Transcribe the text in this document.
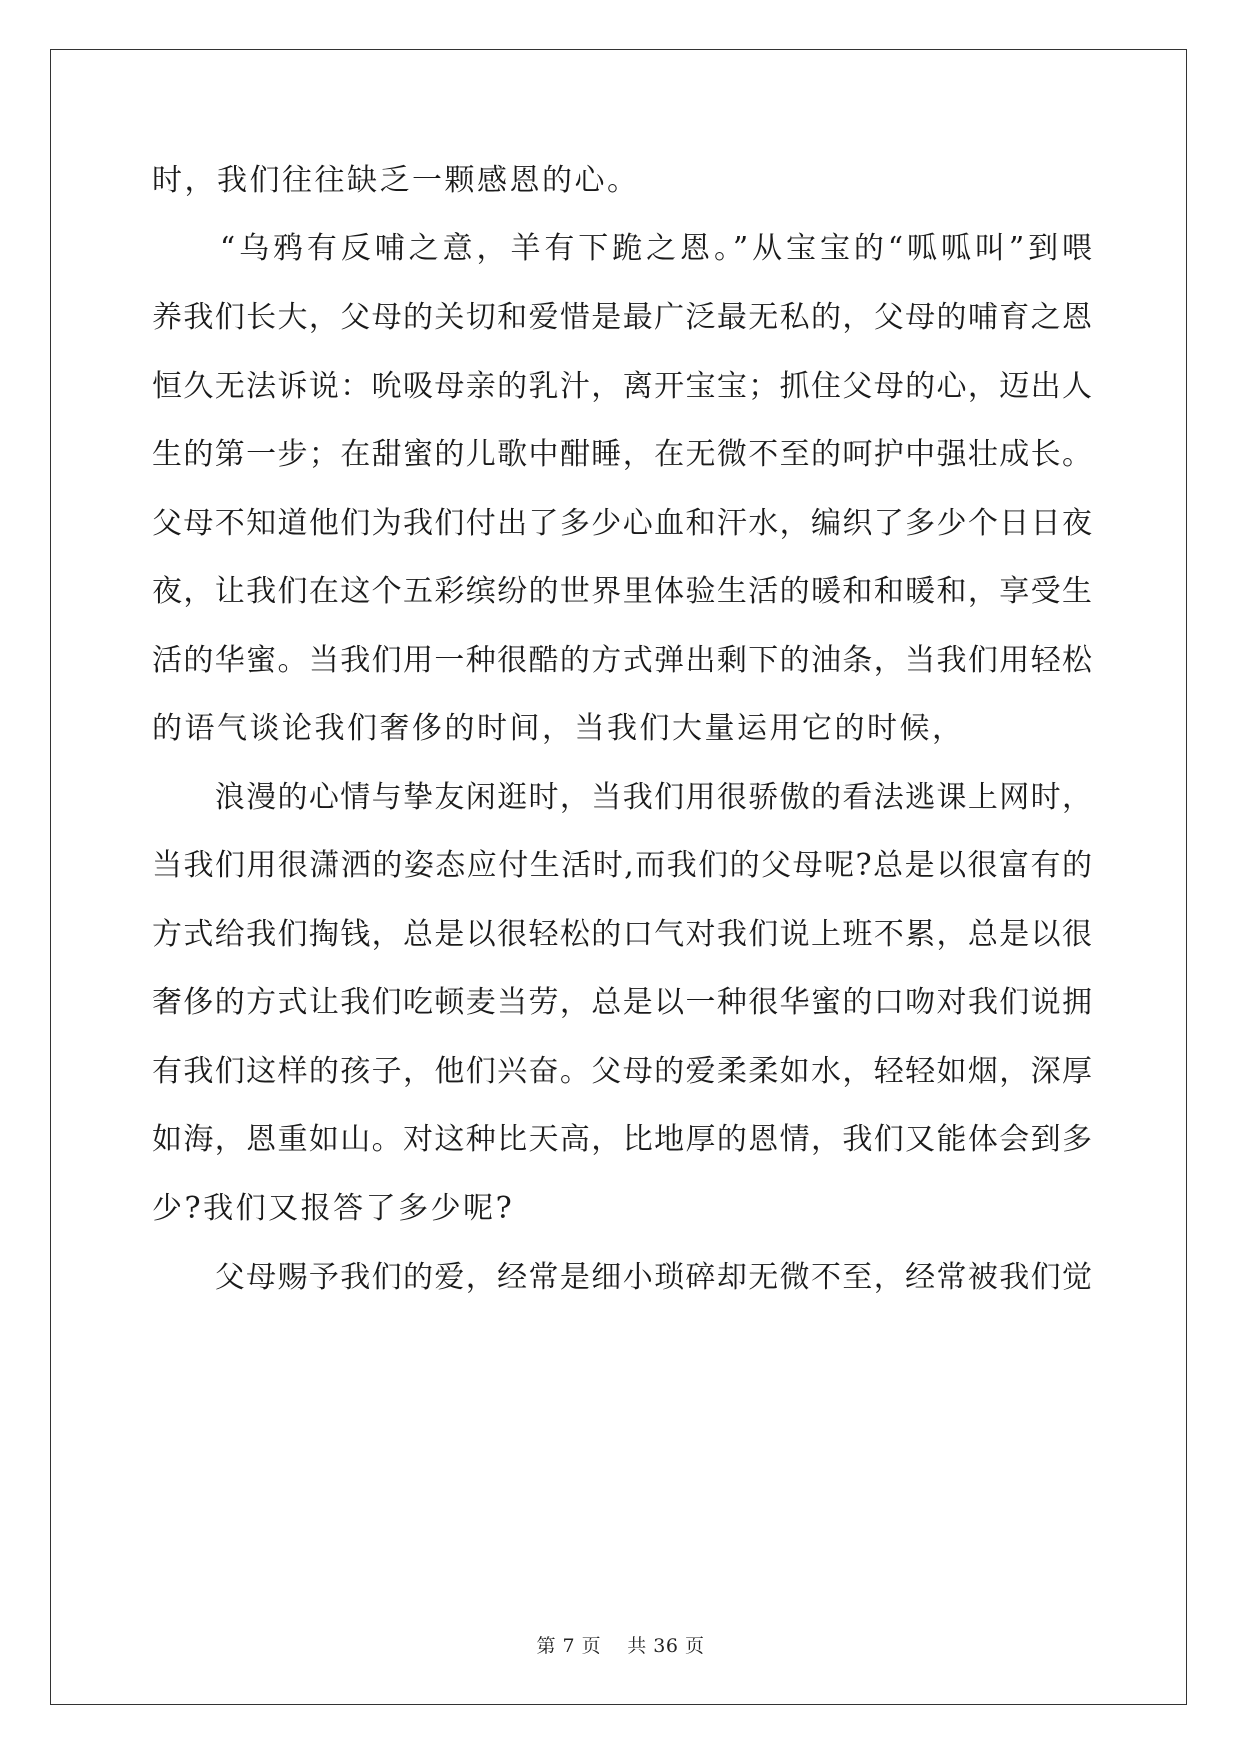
时，我们往往缺乏一颗感恩的心。
　　“乌鸦有反哺之意，羊有下跪之恩。”从宝宝的“呱呱叫”到喂
养我们长大，父母的关切和爱惜是最广泛最无私的，父母的哺育之恩
恒久无法诉说：吮吸母亲的乳汁，离开宝宝；抓住父母的心，迈出人
生的第一步；在甜蜜的儿歌中酣睡，在无微不至的呵护中强壮成长。
父母不知道他们为我们付出了多少心血和汗水，编织了多少个日日夜
夜，让我们在这个五彩缤纷的世界里体验生活的暖和和暖和，享受生
活的华蜜。当我们用一种很酷的方式弹出剩下的油条，当我们用轻松
的语气谈论我们奢侈的时间，当我们大量运用它的时候，
　　浪漫的心情与挚友闲逛时，当我们用很骄傲的看法逃课上网时，
当我们用很潇洒的姿态应付生活时,而我们的父母呢?总是以很富有的
方式给我们掏钱，总是以很轻松的口气对我们说上班不累，总是以很
奢侈的方式让我们吃顿麦当劳，总是以一种很华蜜的口吻对我们说拥
有我们这样的孩子，他们兴奋。父母的爱柔柔如水，轻轻如烟，深厚
如海，恩重如山。对这种比天高，比地厚的恩情，我们又能体会到多
少?我们又报答了多少呢?
　　父母赐予我们的爱，经常是细小琐碎却无微不至，经常被我们觉
第 7 页　 共 36 页
